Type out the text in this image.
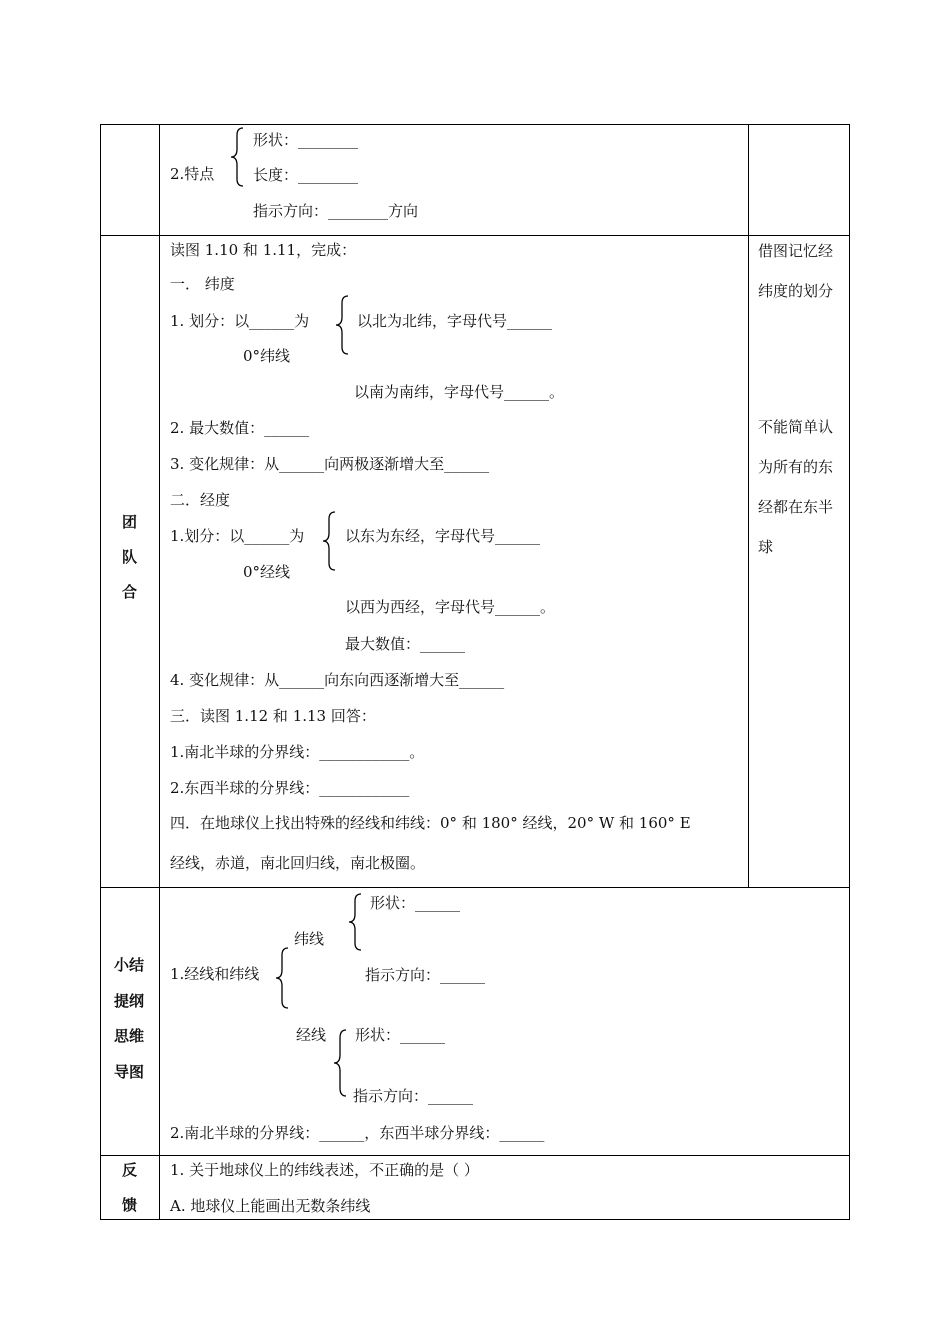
2.特点
形状：________
长度：________
指示方向：________方向
团
队
合
读图 1.10 和 1.11，完成：
一． 纬度
1. 划分：以______为	以北为北纬，字母代号______
0°纬线
以南为南纬，字母代号______。
2. 最大数值：______
3. 变化规律：从______向两极逐渐增大至______
二．经度
1.划分：以______为	以东为东经，字母代号______
0°经线
以西为西经，字母代号______。
最大数值：______
4. 变化规律：从______向东向西逐渐增大至______
三．读图 1.12 和 1.13 回答：
1.南北半球的分界线：____________。
2.东西半球的分界线：____________
四．在地球仪上找出特殊的经线和纬线：0° 和 180° 经线，20° W 和 160° E
经线，赤道，南北回归线，南北极圈。
借图记忆经
纬度的划分
不能简单认
为所有的东
经都在东半
球
小结
提纲
思维
导图
1.经线和纬线
纬线
形状：______
指示方向：______
经线 形状：______
指示方向：______
2.南北半球的分界线：______，东西半球分界线：______
反
馈
1. 关于地球仪上的纬线表述，不正确的是（ ）
A. 地球仪上能画出无数条纬线
